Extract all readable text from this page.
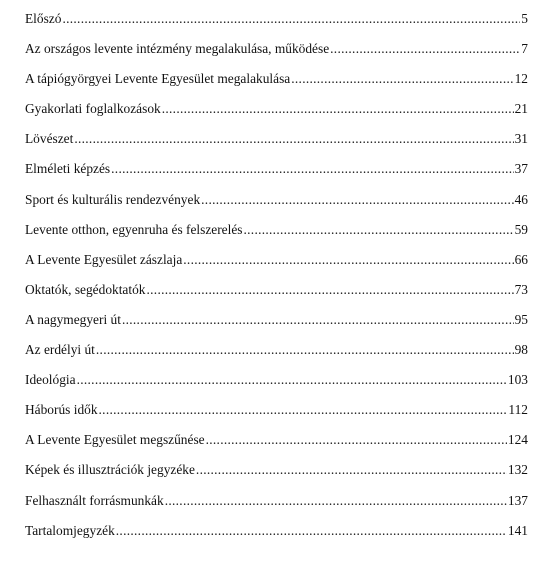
Előszó .....	5
Az országos levente intézmény megalakulása, működése .....	7
A tápiógyörgyei Levente Egyesület megalakulása .....	12
Gyakorlati foglalkozások .....	21
Lövészet .....	31
Elméleti képzés .....	37
Sport és kulturális rendezvények .....	46
Levente otthon, egyenruha és felszerelés .....	59
A Levente Egyesület zászlaja .....	66
Oktatók, segédoktatók .....	73
A nagymegyeri út .....	95
Az erdélyi út .....	98
Ideológia .....	103
Háborús idők .....	112
A Levente Egyesület megszűnése .....	124
Képek és illusztrációk jegyzéke .....	132
Felhasznált forrásmunkák .....	137
Tartalomjegyzék .....	141
